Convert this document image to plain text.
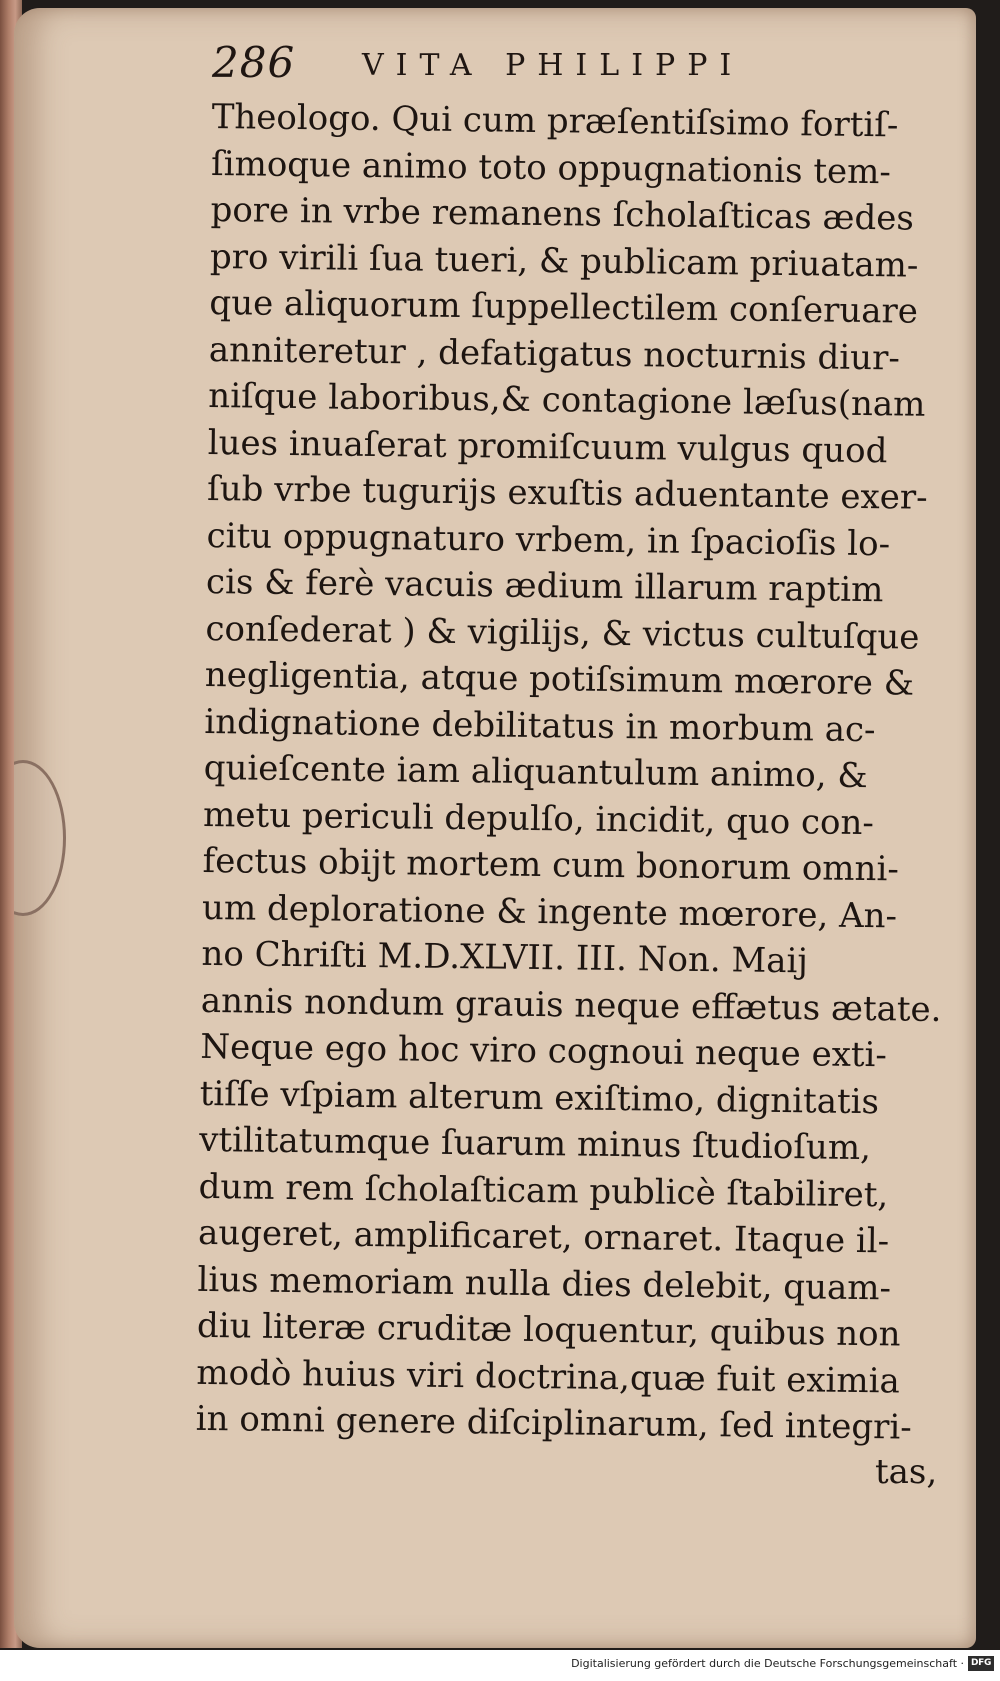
286 VITA PHILIPPI
Theologo. Qui cum præſentiſsimo fortiſ-
ſimoque animo toto oppugnationis tem-
pore in vrbe remanens ſcholaſticas ædes
pro virili ſua tueri, & publicam priuatam-
que aliquorum ſuppellectilem conſeruare
anniteretur , defatigatus nocturnis diur-
niſque laboribus,& contagione læſus(nam
lues inuaſerat promiſcuum vulgus quod
ſub vrbe tugurijs exuſtis aduentante exer-
citu oppugnaturo vrbem, in ſpacioſis lo-
cis & ferè vacuis ædium illarum raptim
conſederat ) & vigilijs, & victus cultuſque
negligentia, atque potiſsimum mœrore &
indignatione debilitatus in morbum ac-
quieſcente iam aliquantulum animo, &
metu periculi depulſo, incidit, quo con-
fectus obijt mortem cum bonorum omni-
um deploratione & ingente mœrore, An-
no Chriſti M.D.XLVII. III. Non. Maij
annis nondum grauis neque effætus ætate.
Neque ego hoc viro cognoui neque exti-
tiſſe vſpiam alterum exiſtimo, dignitatis
vtilitatumque ſuarum minus ſtudioſum,
dum rem ſcholaſticam publicè ſtabiliret,
augeret, amplificaret, ornaret. Itaque il-
lius memoriam nulla dies delebit, quam-
diu literæ cruditæ loquentur, quibus non
modò huius viri doctrina,quæ fuit eximia
in omni genere diſciplinarum, ſed integri-
tas,
Digitalisierung gefördert durch die Deutsche Forschungsgemeinschaft · DFG
